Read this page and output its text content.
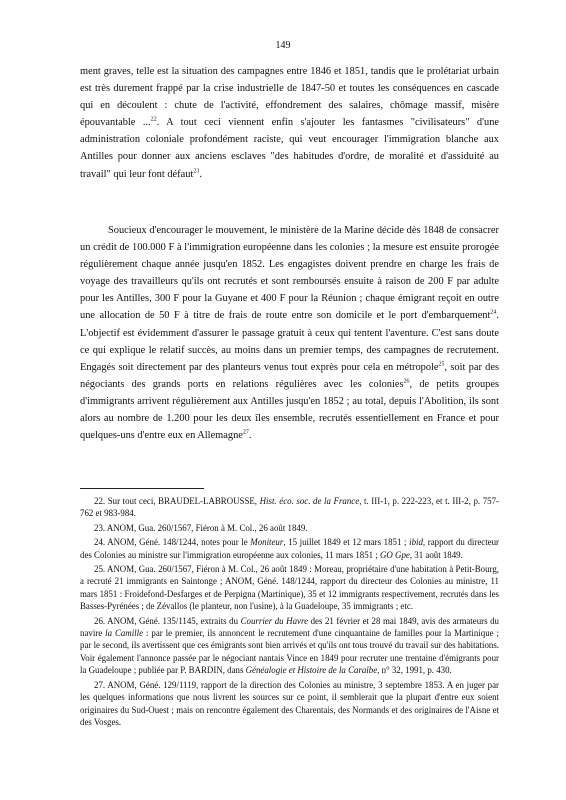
149

ment graves, telle est la situation des campagnes entre 1846 et 1851, tandis que le prolétariat urbain est très durement frappé par la crise industrielle de 1847-50 et toutes les conséquences en cascade qui en découlent : chute de l'activité, effondrement des salaires, chômage massif, misère épouvantable ...$^{22}$. A tout ceci viennent enfin s'ajouter les fantasmes "civilisateurs" d'une administration coloniale profondément raciste, qui veut encourager l'immigration blanche aux Antilles pour donner aux anciens esclaves "des habitudes d'ordre, de moralité et d'assiduité au travail" qui leur font défaut$^{23}$.

Soucieux d'encourager le mouvement, le ministère de la Marine décide dès 1848 de consacrer un crédit de 100.000 F à l'immigration européenne dans les colonies ; la mesure est ensuite prorogée régulièrement chaque année jusqu'en 1852. Les engagistes doivent prendre en charge les frais de voyage des travailleurs qu'ils ont recrutés et sont remboursés ensuite à raison de 200 F par adulte pour les Antilles, 300 F pour la Guyane et 400 F pour la Réunion ; chaque émigrant reçoit en outre une allocation de 50 F à titre de frais de route entre son domicile et le port d'embarquement$^{24}$. L'objectif est évidemment d'assurer le passage gratuit à ceux qui tentent l'aventure. C'est sans doute ce qui explique le relatif succès, au moins dans un premier temps, des campagnes de recrutement. Engagés soit directement par des planteurs venus tout exprès pour cela en métropole$^{25}$, soit par des négociants des grands ports en relations régulières avec les colonies$^{26}$, de petits groupes d'immigrants arrivent régulièrement aux Antilles jusqu'en 1852 ; au total, depuis l'Abolition, ils sont alors au nombre de 1.200 pour les deux îles ensemble, recrutés essentiellement en France et pour quelques-uns d'entre eux en Allemagne$^{27}$.

22. Sur tout ceci, BRAUDEL-LABROUSSE, Hist. éco. soc. de la France, t. III-1, p. 222-223, et t. III-2, p. 757-762 et 983-984.

23. ANOM, Gua. 260/1567, Fiéron à M. Col., 26 août 1849.

24. ANOM, Géné. 148/1244, notes pour le Moniteur, 15 juillet 1849 et 12 mars 1851 ; ibid, rapport du directeur des Colonies au ministre sur l'immigration européenne aux colonies, 11 mars 1851 ; GO Gpe, 31 août 1849.

25. ANOM, Gua. 260/1567, Fiéron à M. Col., 26 août 1849 : Moreau, propriétaire d'une habitation à Petit-Bourg, a recruté 21 immigrants en Saintonge ; ANOM, Géné. 148/1244, rapport du directeur des Colonies au ministre, 11 mars 1851 : Froidefond-Desfarges et de Perpigna (Martinique), 35 et 12 immigrants respectivement, recrutés dans les Basses-Pyrénées ; de Zévallos (le planteur, non l'usine), à la Guadeloupe, 35 immigrants ; etc.

26. ANOM, Géné. 135/1145, extraits du Courrier du Havre des 21 février et 28 mai 1849, avis des armateurs du navire la Camille : par le premier, ils annoncent le recrutement d'une cinquantaine de familles pour la Martinique ; par le second, ils avertissent que ces émigrants sont bien arrivés et qu'ils ont tous trouvé du travail sur des habitations. Voir également l'annonce passée par le négociant nantais Vince en 1849 pour recruter une trentaine d'émigrants pour la Guadeloupe ; publiée par P. BARDIN, dans Généalogie et Histoire de la Caraïbe, n° 32, 1991, p. 430.

27. ANOM, Géné. 129/1119, rapport de la direction des Colonies au ministre, 3 septembre 1853. A en juger par les quelques informations que nous livrent les sources sur ce point, il semblerait que la plupart d'entre eux soient originaires du Sud-Ouest ; mais on rencontre également des Charentais, des Normands et des originaires de l'Aisne et des Vosges.
